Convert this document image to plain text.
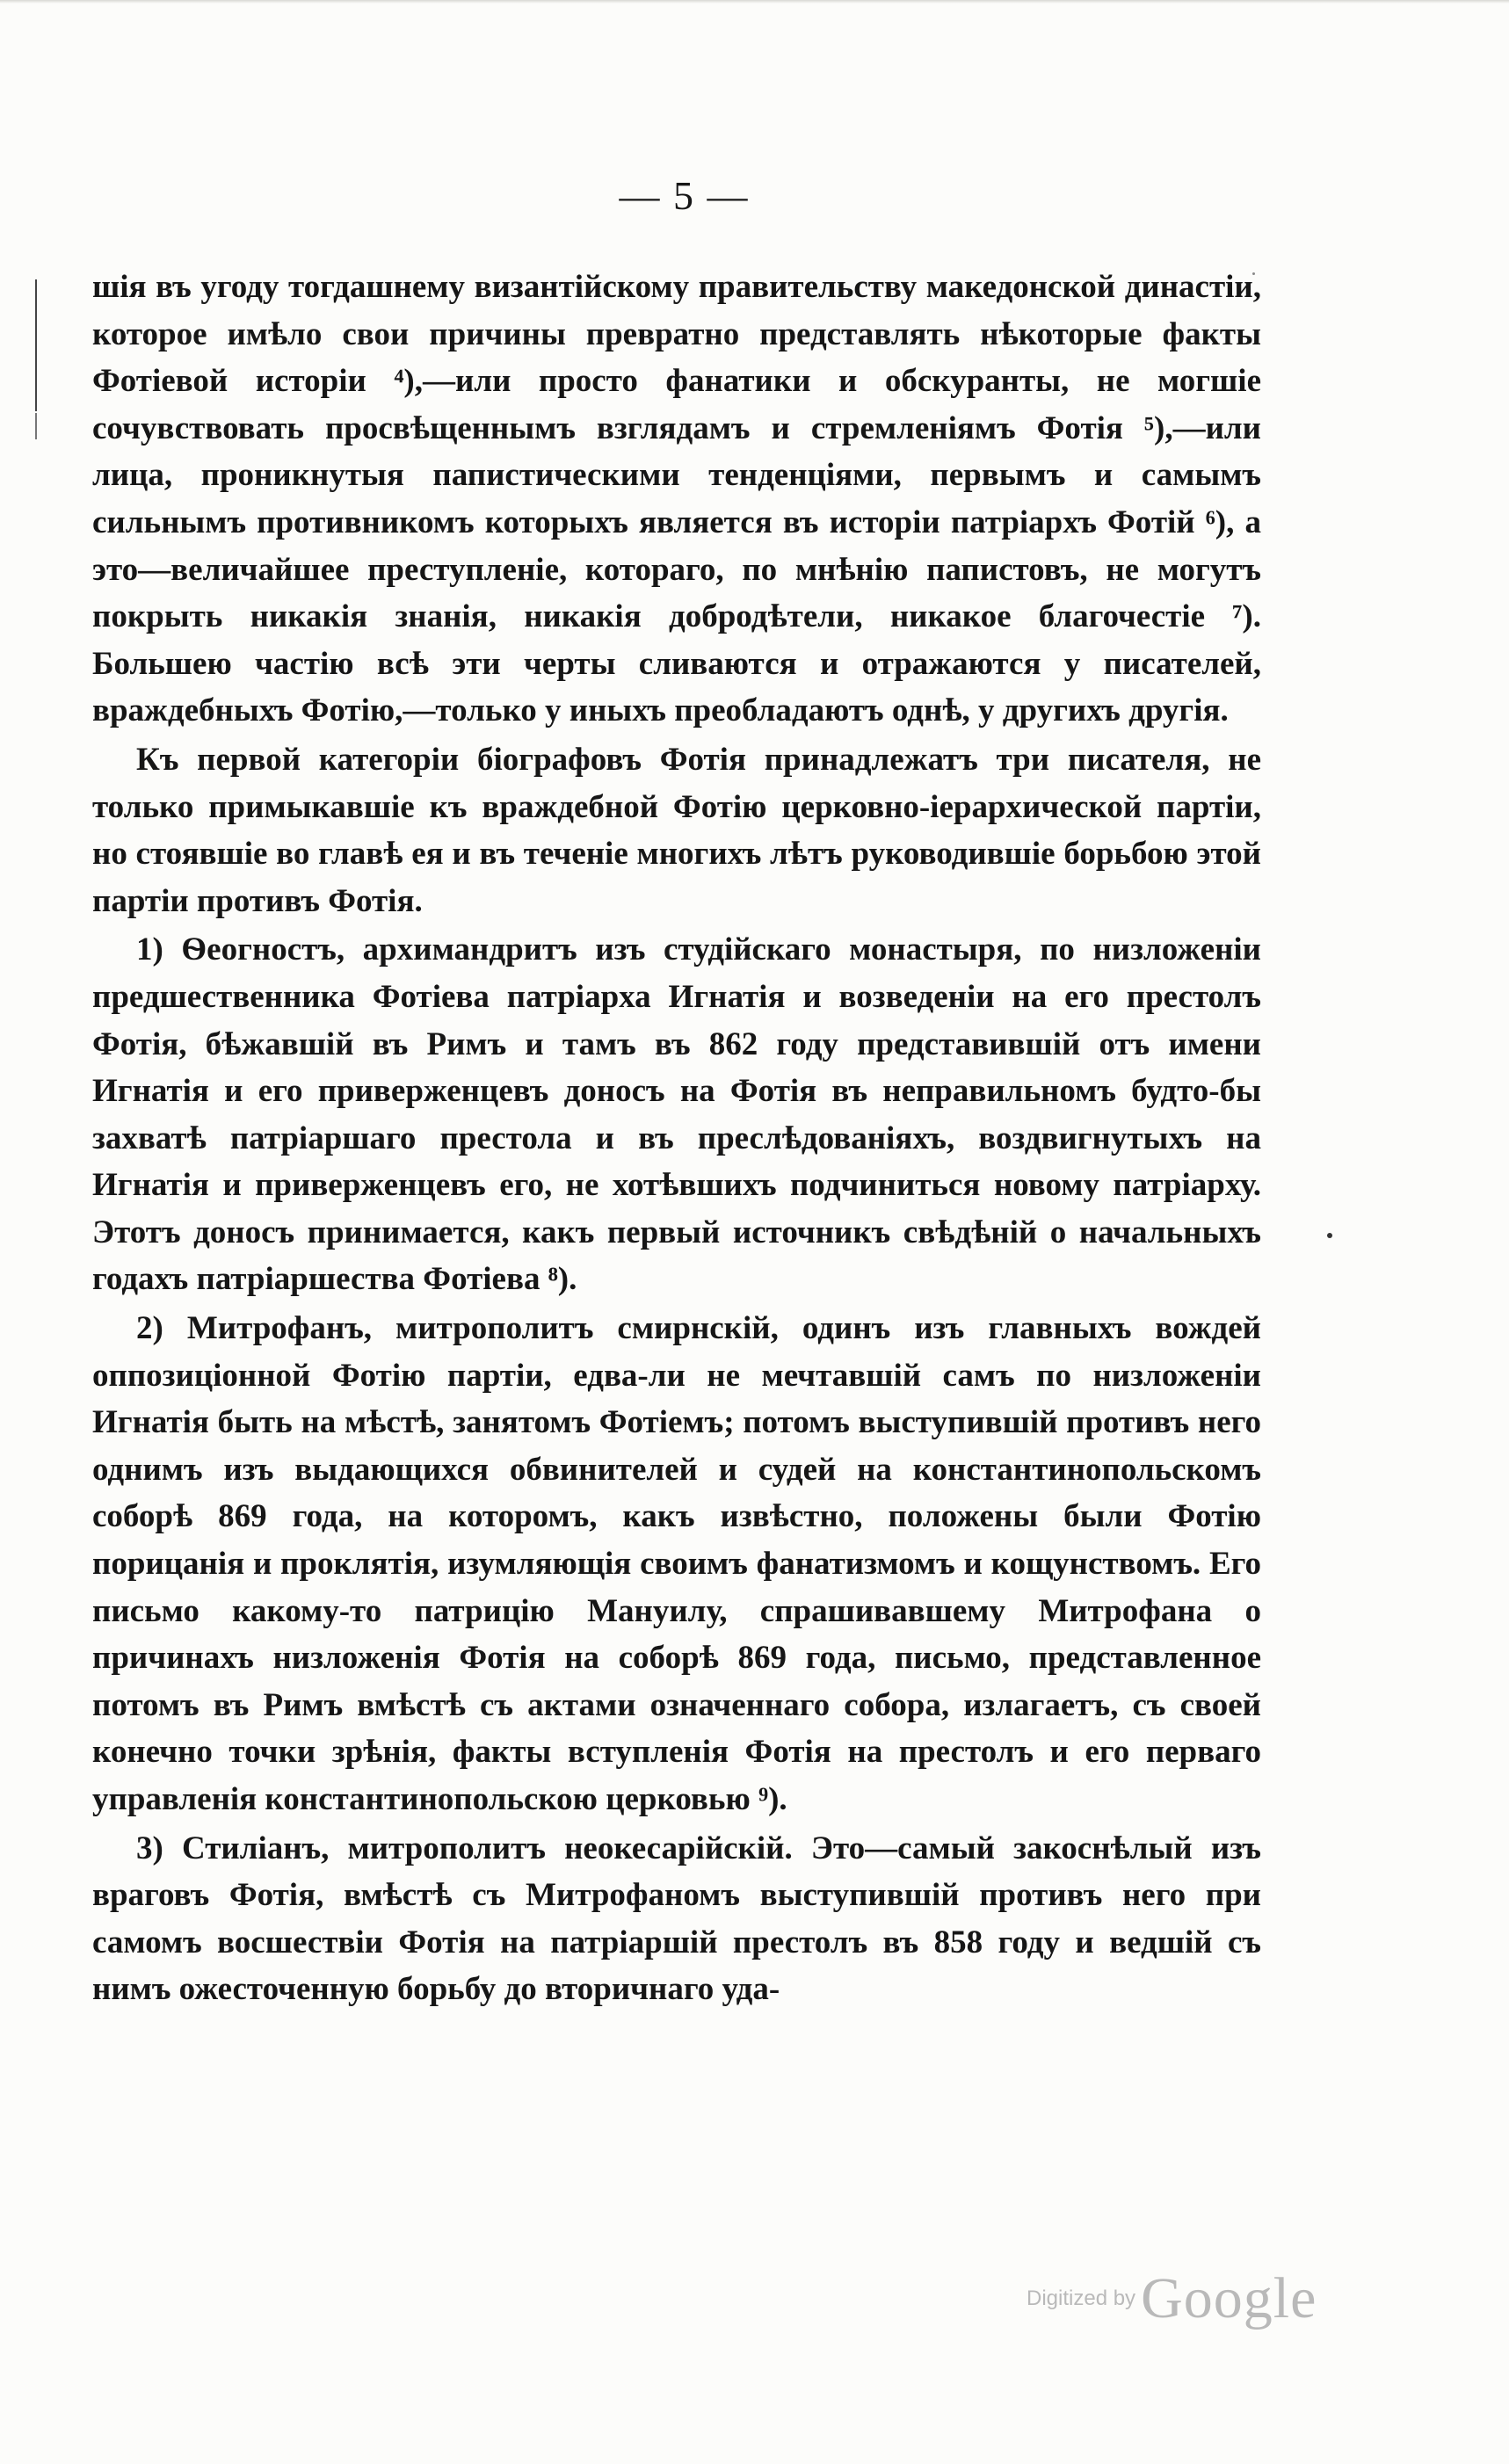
— 5 —

шія въ угоду тогдашнему византійскому правительству македонской династіи, которое имѣло свои причины превратно представлять нѣкоторые факты Фотіевой исторіи ⁴),—или просто фанатики и обскуранты, не могшіе сочувствовать просвѣщеннымъ взглядамъ и стремленіямъ Фотія ⁵),—или лица, проникнутыя папистическими тенденціями, первымъ и самымъ сильнымъ противникомъ которыхъ является въ исторіи патріархъ Фотій ⁶), а это—величайшее преступленіе, котораго, по мнѣнію папистовъ, не могутъ покрыть никакія знанія, никакія добродѣтели, никакое благочестіе ⁷). Большею частію всѣ эти черты сливаются и отражаются у писателей, враждебныхъ Фотію,—только у иныхъ преобладаютъ однѣ, у другихъ другія.

Къ первой категоріи біографовъ Фотія принадлежатъ три писателя, не только примыкавшіе къ враждебной Фотію церковно-іерархической партіи, но стоявшіе во главѣ ея и въ теченіе многихъ лѣтъ руководившіе борьбою этой партіи противъ Фотія.

1) Ѳеогностъ, архимандритъ изъ студійскаго монастыря, по низложеніи предшественника Фотіева патріарха Игнатія и возведеніи на его престолъ Фотія, бѣжавшій въ Римъ и тамъ въ 862 году представившій отъ имени Игнатія и его приверженцевъ доносъ на Фотія въ неправильномъ будто-бы захватѣ патріаршаго престола и въ преслѣдованіяхъ, воздвигнутыхъ на Игнатія и приверженцевъ его, не хотѣвшихъ подчиниться новому патріарху. Этотъ доносъ принимается, какъ первый источникъ свѣдѣній о начальныхъ годахъ патріаршества Фотіева ⁸).

2) Митрофанъ, митрополитъ смирнскій, одинъ изъ главныхъ вождей оппозиціонной Фотію партіи, едва-ли не мечтавшій самъ по низложеніи Игнатія быть на мѣстѣ, занятомъ Фотіемъ; потомъ выступившій противъ него однимъ изъ выдающихся обвинителей и судей на константинопольскомъ соборѣ 869 года, на которомъ, какъ извѣстно, положены были Фотію порицанія и проклятія, изумляющія своимъ фанатизмомъ и кощунствомъ. Его письмо какому-то патрицію Мануилу, спрашивавшему Митрофана о причинахъ низложенія Фотія на соборѣ 869 года, письмо, представленное потомъ въ Римъ вмѣстѣ съ актами означеннаго собора, излагаетъ, съ своей конечно точки зрѣнія, факты вступленія Фотія на престолъ и его перваго управленія константинопольскою церковью ⁹).

3) Стиліанъ, митрополитъ неокесарійскій. Это—самый закоснѣлый изъ враговъ Фотія, вмѣстѣ съ Митрофаномъ выступившій противъ него при самомъ восшествіи Фотія на патріаршій престолъ въ 858 году и ведшій съ нимъ ожесточенную борьбу до вторичнаго уда-

Digitized byGoogle
